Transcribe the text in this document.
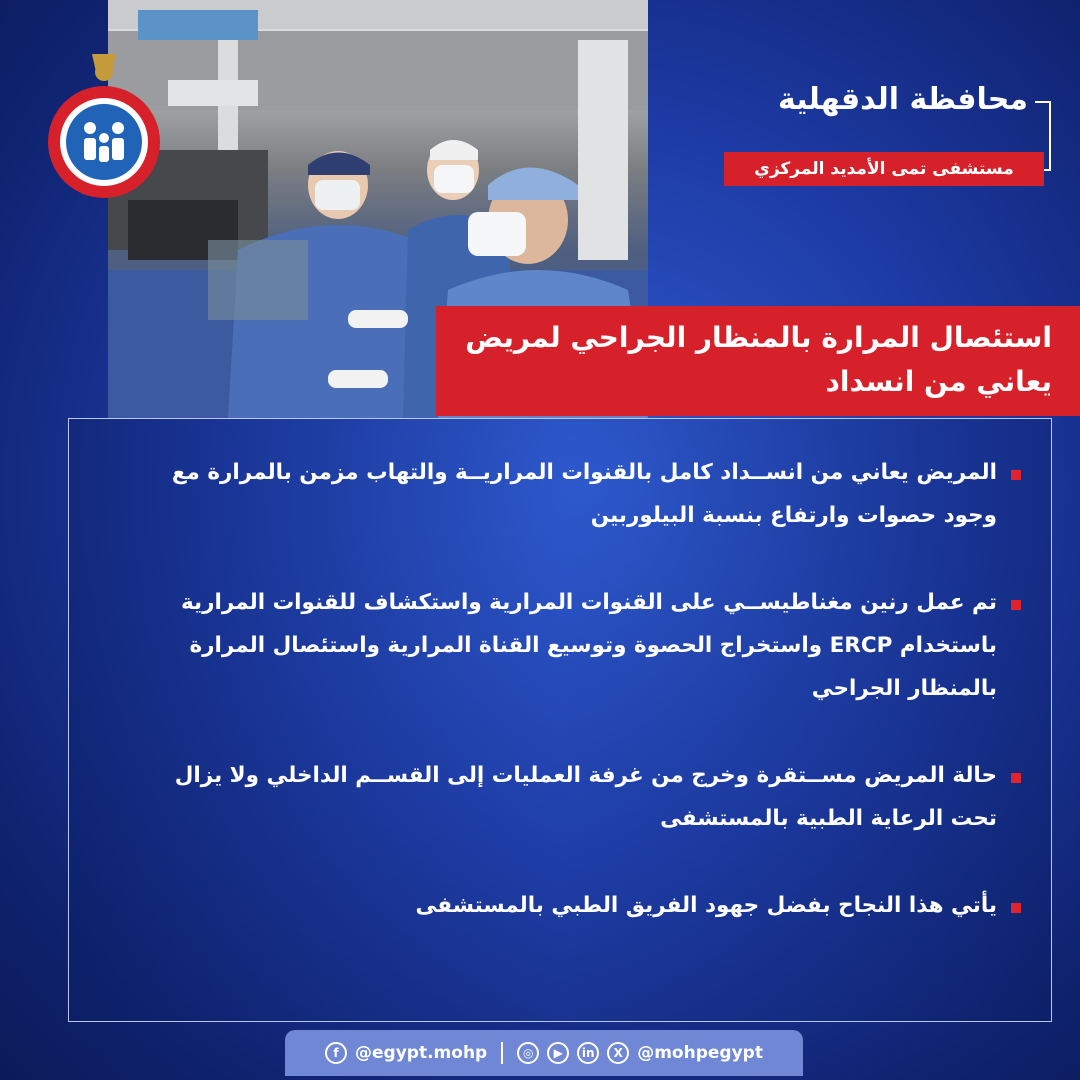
محافظة الدقهلية
مستشفى تمى الأمديد المركزي
استئصال المرارة بالمنظار الجراحي لمريض
يعاني من انسداد
المريض يعاني من انســداد كامل بالقنوات المراريــة والتهاب مزمن بالمرارة مع
وجود حصوات وارتفاع بنسبة البيلوربين
تم عمل رنين مغناطيســي على القنوات المرارية واستكشاف للقنوات المرارية
باستخدام ERCP واستخراج الحصوة وتوسيع القناة المرارية واستئصال المرارة
بالمنظار الجراحي
حالة المريض مســتقرة وخرج من غرفة العمليات إلى القســم الداخلي ولا يزال
تحت الرعاية الطبية بالمستشفى
يأتي هذا النجاح بفضل جهود الفريق الطبي بالمستشفى
f @egypt.mohp	◎	▶	in	X @mohpegypt
